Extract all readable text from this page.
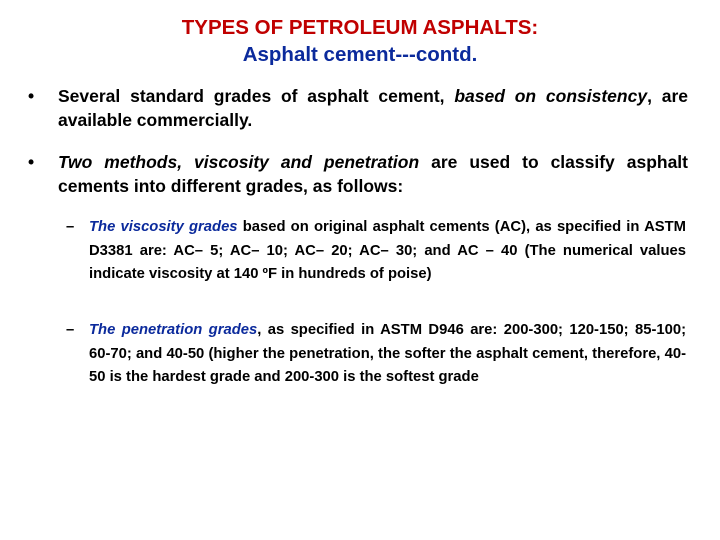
TYPES OF PETROLEUM ASPHALTS:
Asphalt cement---contd.
• Several standard grades of asphalt cement, based on consistency, are available commercially.
• Two methods, viscosity and penetration are used to classify asphalt cements into different grades, as follows:
– The viscosity grades based on original asphalt cements (AC), as specified in ASTM D3381 are: AC– 5; AC– 10; AC– 20; AC– 30; and AC – 40 (The numerical values indicate viscosity at 140 ºF in hundreds of poise)
– The penetration grades, as specified in ASTM D946 are: 200-300; 120-150; 85-100; 60-70; and 40-50 (higher the penetration, the softer the asphalt cement, therefore, 40-50 is the hardest grade and 200-300 is the softest grade
